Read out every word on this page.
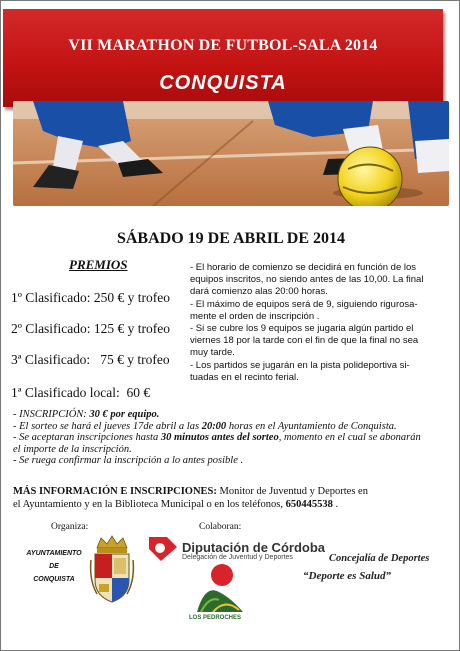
VII MARATHON DE FUTBOL-SALA 2014
CONQUISTA
SÁBADO 19 DE ABRIL DE 2014
PREMIOS
1º Clasificado: 250 € y trofeo
2º Clasificado: 125 € y trofeo
3ª Clasificado:   75 € y trofeo
1ª Clasificado local:  60 €
- El horario de comienzo se decidirá en función de los
equipos inscritos, no siendo antes de las 10,00. La final
dará comienzo alas 20:00 horas.
- El máximo de equipos será de 9, siguiendo rigurosa-
mente el orden de inscripción .
- Si se cubre los 9 equipos se jugaria algún partido el
viernes 18 por la tarde con el fin de que la final no sea
muy tarde.
- Los partidos se jugarán en la pista polideportiva si-
tuadas en el recinto ferial.
- INSCRIPCIÓN: 30 € por equipo.
- El sorteo se hará el jueves 17de abril a las 20:00 horas en el Ayuntamiento de Conquista.
- Se aceptaran inscripciones hasta 30 minutos antes del sorteo, momento en el cual se abonarán
el importe de la inscripción.
- Se ruega confirmar la inscripción a lo antes posible .
MÁS INFORMACIÓN E INSCRIPCIONES: Monitor de Juventud y Deportes en
el Ayuntamiento y en la Biblioteca Municipal o en los teléfonos, 650445538 .
Organiza:	Colaboran:
AYUNTAMIENTO
DE
CONQUISTA
Diputación de Córdoba
Delegación de Juventud y Deportes
LOS PEDROCHES
Concejalía de Deportes
“Deporte es Salud”
